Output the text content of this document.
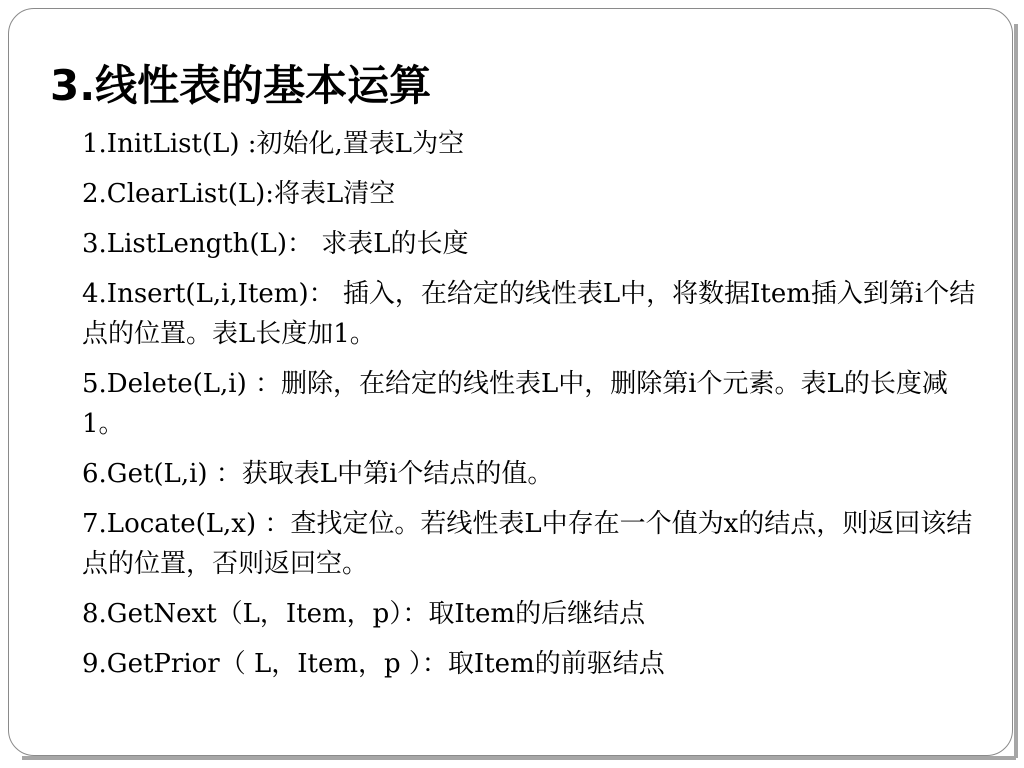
3.线性表的基本运算
1.InitList(L) :初始化,置表L为空
2.ClearList(L):将表L清空
3.ListLength(L)： 求表L的长度
4.Insert(L,i,Item)： 插入，在给定的线性表L中，将数据Item插入到第i个结点的位置。表L长度加1。
5.Delete(L,i) ：删除，在给定的线性表L中，删除第i个元素。表L的长度减1。
6.Get(L,i) ：获取表L中第i个结点的值。
7.Locate(L,x) ：查找定位。若线性表L中存在一个值为x的结点，则返回该结点的位置，否则返回空。
8.GetNext（L，Item，p）：取Item的后继结点
9.GetPrior（ L，Item，p ）：取Item的前驱结点
